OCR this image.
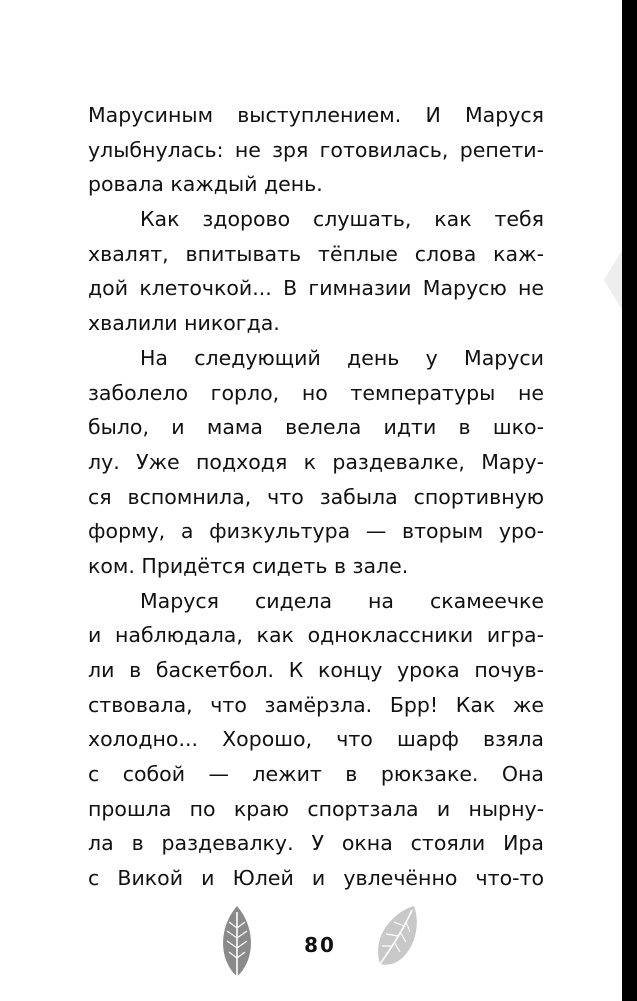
Марусиным выступлением. И Маруся
улыбнулась: не зря готовилась, репети-
ровала каждый день.
Как здорово слушать, как тебя
хвалят, впитывать тёплые слова каж-
дой клеточкой... В гимназии Марусю не
хвалили никогда.
На следующий день у Маруси
заболело горло, но температуры не
было, и мама велела идти в шко-
лу. Уже подходя к раздевалке, Мару-
ся вспомнила, что забыла спортивную
форму, а физкультура — вторым уро-
ком. Придётся сидеть в зале.
Маруся сидела на скамеечке
и наблюдала, как одноклассники игра-
ли в баскетбол. К концу урока почув-
ствовала, что замёрзла. Брр! Как же
холодно... Хорошо, что шарф взяла
с собой — лежит в рюкзаке. Она
прошла по краю спортзала и нырну-
ла в раздевалку. У окна стояли Ира
с Викой и Юлей и увлечённо что-то
80
